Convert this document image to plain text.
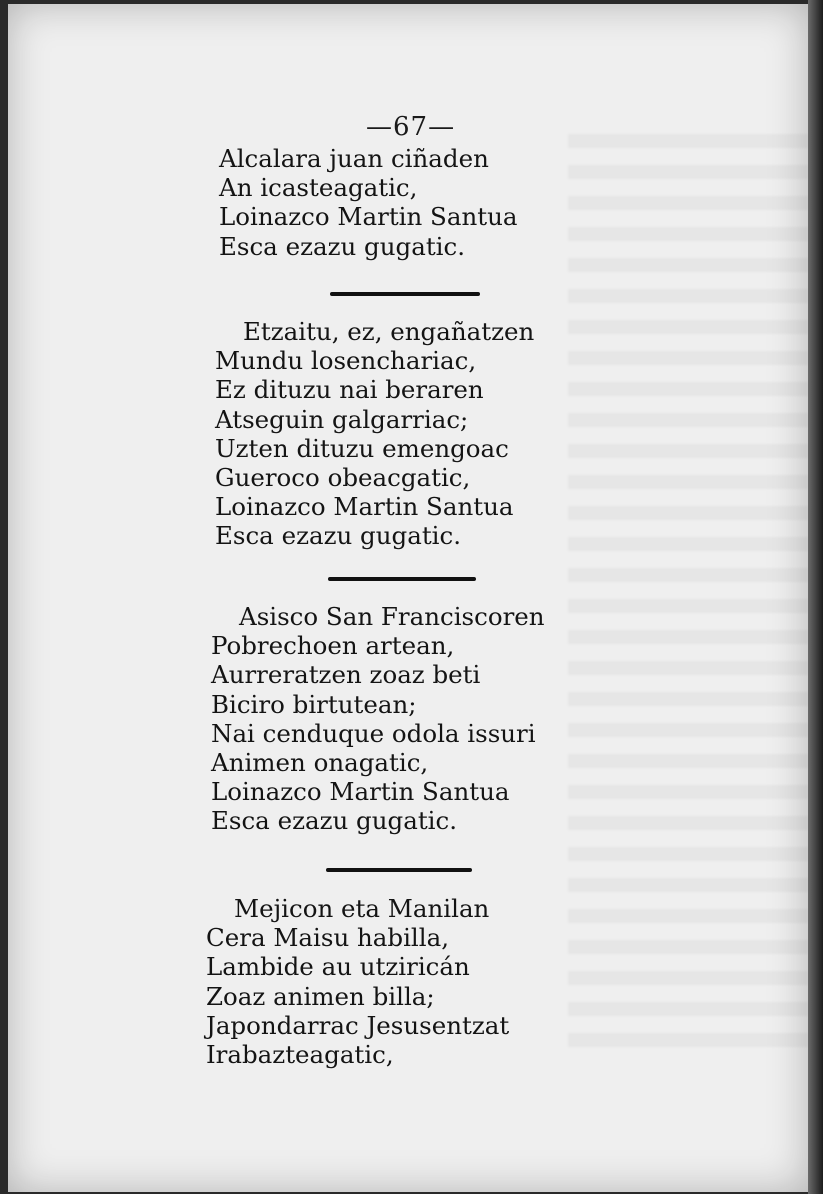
—67—
Alcalara juan ciñaden
An icasteagatic,
Loinazco Martin Santua
Esca ezazu gugatic.
Etzaitu, ez, engañatzen
Mundu losenchariac,
Ez dituzu nai beraren
Atseguin galgarriac;
Uzten dituzu emengoac
Gueroco obeacgatic,
Loinazco Martin Santua
Esca ezazu gugatic.
Asisco San Franciscoren
Pobrechoen artean,
Aurreratzen zoaz beti
Biciro birtutean;
Nai cenduque odola issuri
Animen onagatic,
Loinazco Martin Santua
Esca ezazu gugatic.
Mejicon eta Manilan
Cera Maisu habilla,
Lambide au utziricán
Zoaz animen billa;
Japondarrac Jesusentzat
Irabazteagatic,
